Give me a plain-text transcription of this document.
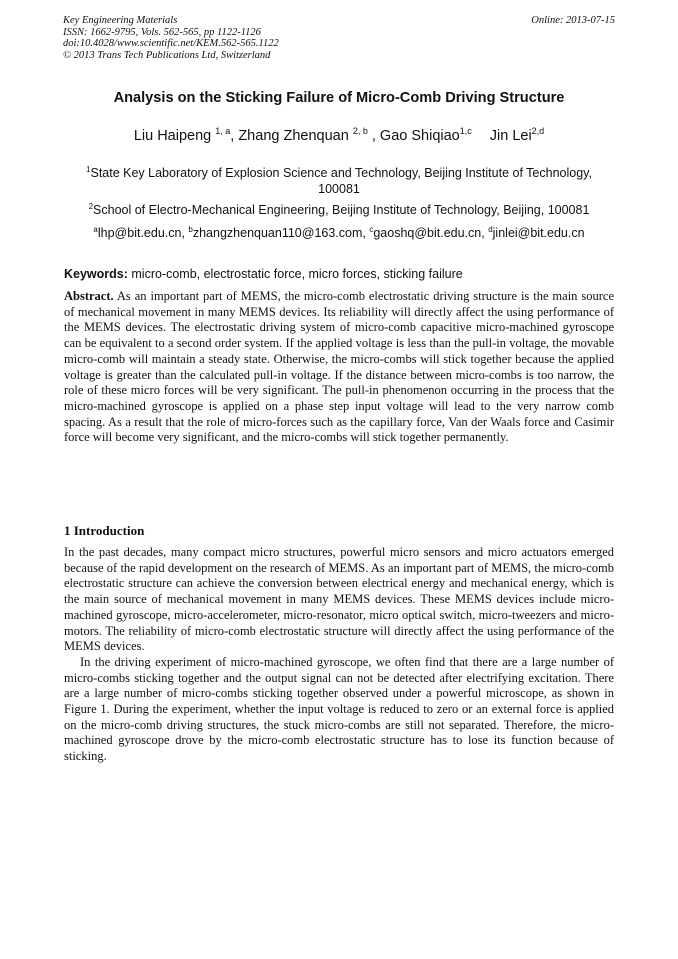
Key Engineering Materials	Online: 2013-07-15
ISSN: 1662-9795, Vols. 562-565, pp 1122-1126
doi:10.4028/www.scientific.net/KEM.562-565.1122
© 2013 Trans Tech Publications Ltd, Switzerland
Analysis on the Sticking Failure of Micro-Comb Driving Structure
Liu Haipeng $^{1, a}$, Zhang Zhenquan $^{2, b}$ , Gao Shiqiao$^{1,c}$ Jin Lei$^{2,d}$
$^1$State Key Laboratory of Explosion Science and Technology, Beijing Institute of Technology,
100081
$^2$School of Electro-Mechanical Engineering, Beijing Institute of Technology, Beijing, 100081
$^a$lhp@bit.edu.cn, $^b$zhangzhenquan110@163.com, $^c$gaoshq@bit.edu.cn, $^d$jinlei@bit.edu.cn
Keywords: micro-comb, electrostatic force, micro forces, sticking failure
Abstract. As an important part of MEMS, the micro-comb electrostatic driving structure is the main source of mechanical movement in many MEMS devices. Its reliability will directly affect the using performance of the MEMS devices. The electrostatic driving system of micro-comb capacitive micro-machined gyroscope can be equivalent to a second order system. If the applied voltage is less than the pull-in voltage, the movable micro-comb will maintain a steady state. Otherwise, the micro-combs will stick together because the applied voltage is greater than the calculated pull-in voltage. If the distance between micro-combs is too narrow, the role of these micro forces will be very significant. The pull-in phenomenon occurring in the process that the micro-machined gyroscope is applied on a phase step input voltage will lead to the very narrow comb spacing. As a result that the role of micro-forces such as the capillary force, Van der Waals force and Casimir force will become very significant, and the micro-combs will stick together permanently.
1 Introduction

In the past decades, many compact micro structures, powerful micro sensors and micro actuators emerged because of the rapid development on the research of MEMS. As an important part of MEMS, the micro-comb electrostatic structure can achieve the conversion between electrical energy and mechanical energy, which is the main source of mechanical movement in many MEMS devices. These MEMS devices include micro-machined gyroscope, micro-accelerometer, micro-resonator, micro optical switch, micro-tweezers and micro-motors. The reliability of micro-comb electrostatic structure will directly affect the using performance of the MEMS devices.

In the driving experiment of micro-machined gyroscope, we often find that there are a large number of micro-combs sticking together and the output signal can not be detected after electrifying excitation. There are a large number of micro-combs sticking together observed under a powerful microscope, as shown in Figure 1. During the experiment, whether the input voltage is reduced to zero or an external force is applied on the micro-comb driving structures, the stuck micro-combs are still not separated. Therefore, the micro-machined gyroscope drove by the micro-comb electrostatic structure has to lose its function because of sticking.
